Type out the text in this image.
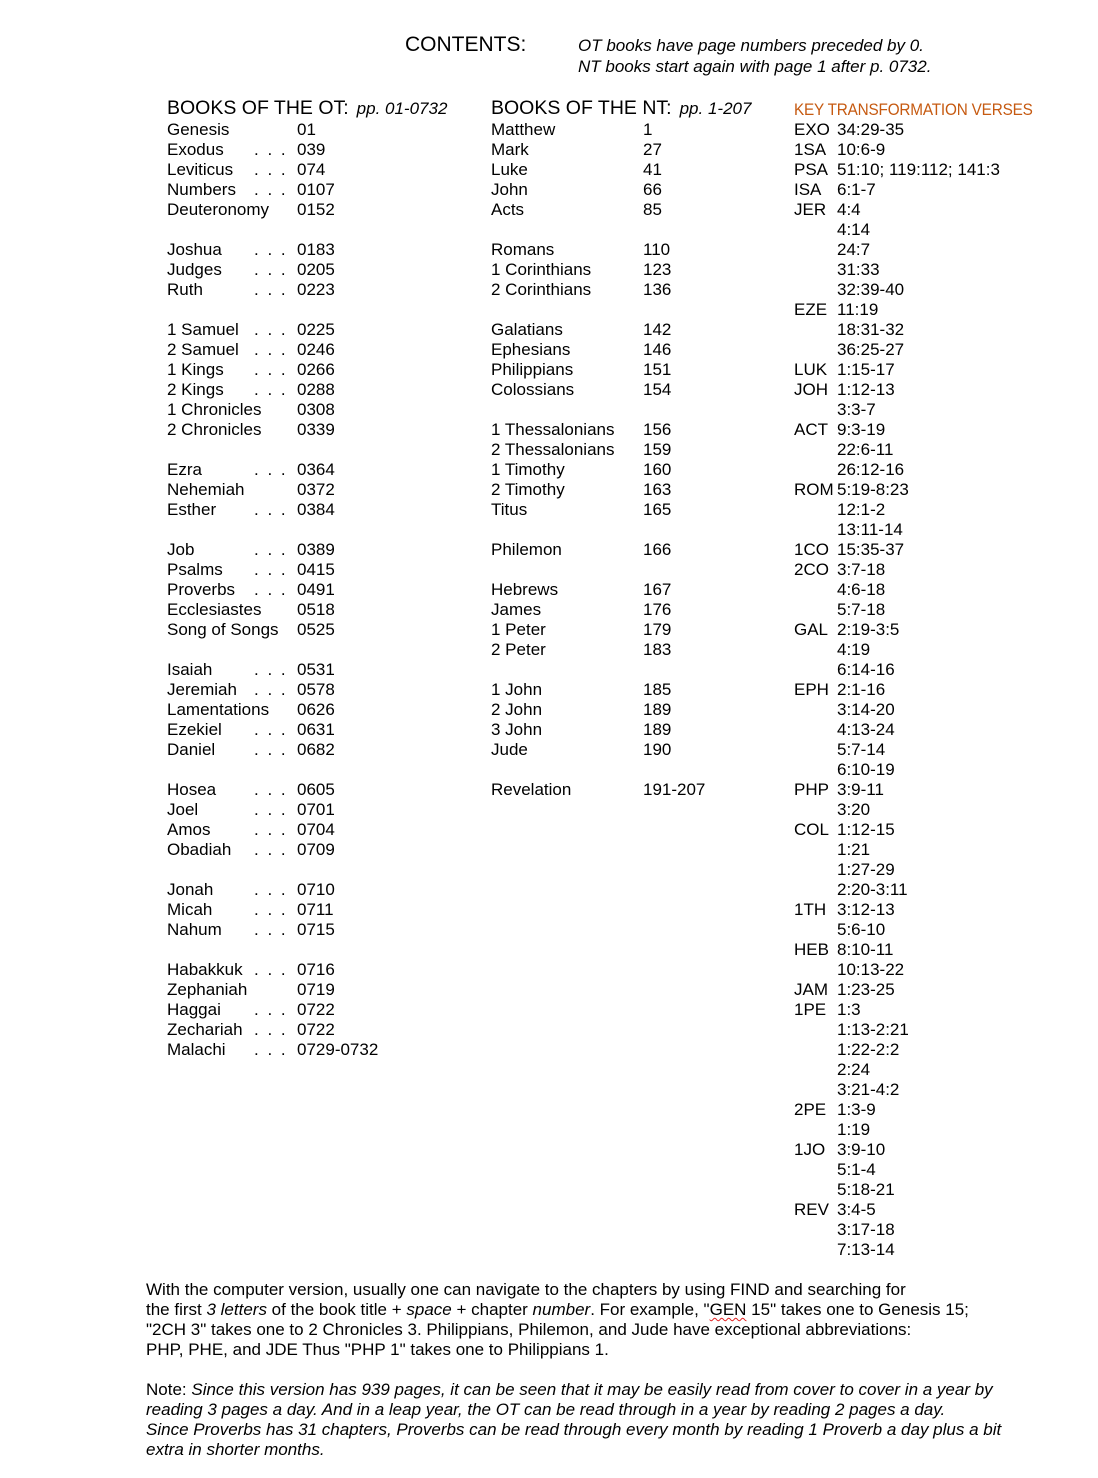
CONTENTS:	OT books have page numbers preceded by 0.
NT books start again with page 1 after p. 0732.
BOOKS OF THE OT: pp. 01-0732 BOOKS OF THE NT: pp. 1-207	KEY TRANSFORMATION VERSES
Genesis	01
Exodus . . . 039
Leviticus . . . 074
Numbers . . . 0107
Deuteronomy 0152
Joshua . . . 0183
Judges . . . 0205
Ruth	. . . 0223
1 Samuel . . . 0225
2 Samuel . . . 0246
1 Kings . . . 0266
2 Kings . . . 0288
1 Chronicles 0308
2 Chronicles 0339
Ezra	. . . 0364
Nehemiah	0372
Esther . . . 0384
Job	. . . 0389
Psalms . . . 0415
Proverbs . . . 0491
Ecclesiastes 0518
Song of Songs 0525
Isaiah . . . 0531
Jeremiah . . . 0578
Lamentations 0626
Ezekiel . . . 0631
Daniel . . . 0682
Hosea . . . 0605
Joel	. . . 0701
Amos	. . . 0704
Obadiah . . . 0709
Jonah . . . 0710
Micah . . . 0711
Nahum . . . 0715
Habakkuk . . . 0716
Zephaniah	0719
Haggai . . . 0722
Zechariah . . . 0722
Malachi . . . 0729-0732
Matthew	1
Mark	27
Luke	41
John	66
Acts	85
Romans	110
1 Corinthians	123
2 Corinthians	136
Galatians	142
Ephesians	146
Philippians	151
Colossians	154
1 Thessalonians 156
2 Thessalonians 159
1 Timothy	160
2 Timothy	163
Titus	165
Philemon	166
Hebrews	167
James	176
1 Peter	179
2 Peter	183
1 John	185
2 John	189
3 John	189
Jude	190
Revelation	191-207
EXO 34:29-35
1SA 10:6-9
PSA 51:10; 119:112; 141:3
ISA 6:1-7
JER 4:4
4:14
24:7
31:33
32:39-40
EZE 11:19
18:31-32
36:25-27
LUK 1:15-17
JOH 1:12-13
3:3-7
ACT 9:3-19
22:6-11
26:12-16
ROM 5:19-8:23
12:1-2
13:11-14
1CO 15:35-37
2CO 3:7-18
4:6-18
5:7-18
GAL 2:19-3:5
4:19
6:14-16
EPH 2:1-16
3:14-20
4:13-24
5:7-14
6:10-19
PHP 3:9-11
3:20
COL 1:12-15
1:21
1:27-29
2:20-3:11
1TH 3:12-13
5:6-10
HEB 8:10-11
10:13-22
JAM 1:23-25
1PE 1:3
1:13-2:21
1:22-2:2
2:24
3:21-4:2
2PE 1:3-9
1:19
1JO 3:9-10
5:1-4
5:18-21
REV 3:4-5
3:17-18
7:13-14
With the computer version, usually one can navigate to the chapters by using FIND and searching for
the first 3 letters of the book title + space + chapter number. For example, "GEN 15" takes one to Genesis 15;
"2CH 3" takes one to 2 Chronicles 3. Philippians, Philemon, and Jude have exceptional abbreviations:
PHP, PHE, and JDE Thus "PHP 1" takes one to Philippians 1.
Note: Since this version has 939 pages, it can be seen that it may be easily read from cover to cover in a year by
reading 3 pages a day. And in a leap year, the OT can be read through in a year by reading 2 pages a day.
Since Proverbs has 31 chapters, Proverbs can be read through every month by reading 1 Proverb a day plus a bit
extra in shorter months.
